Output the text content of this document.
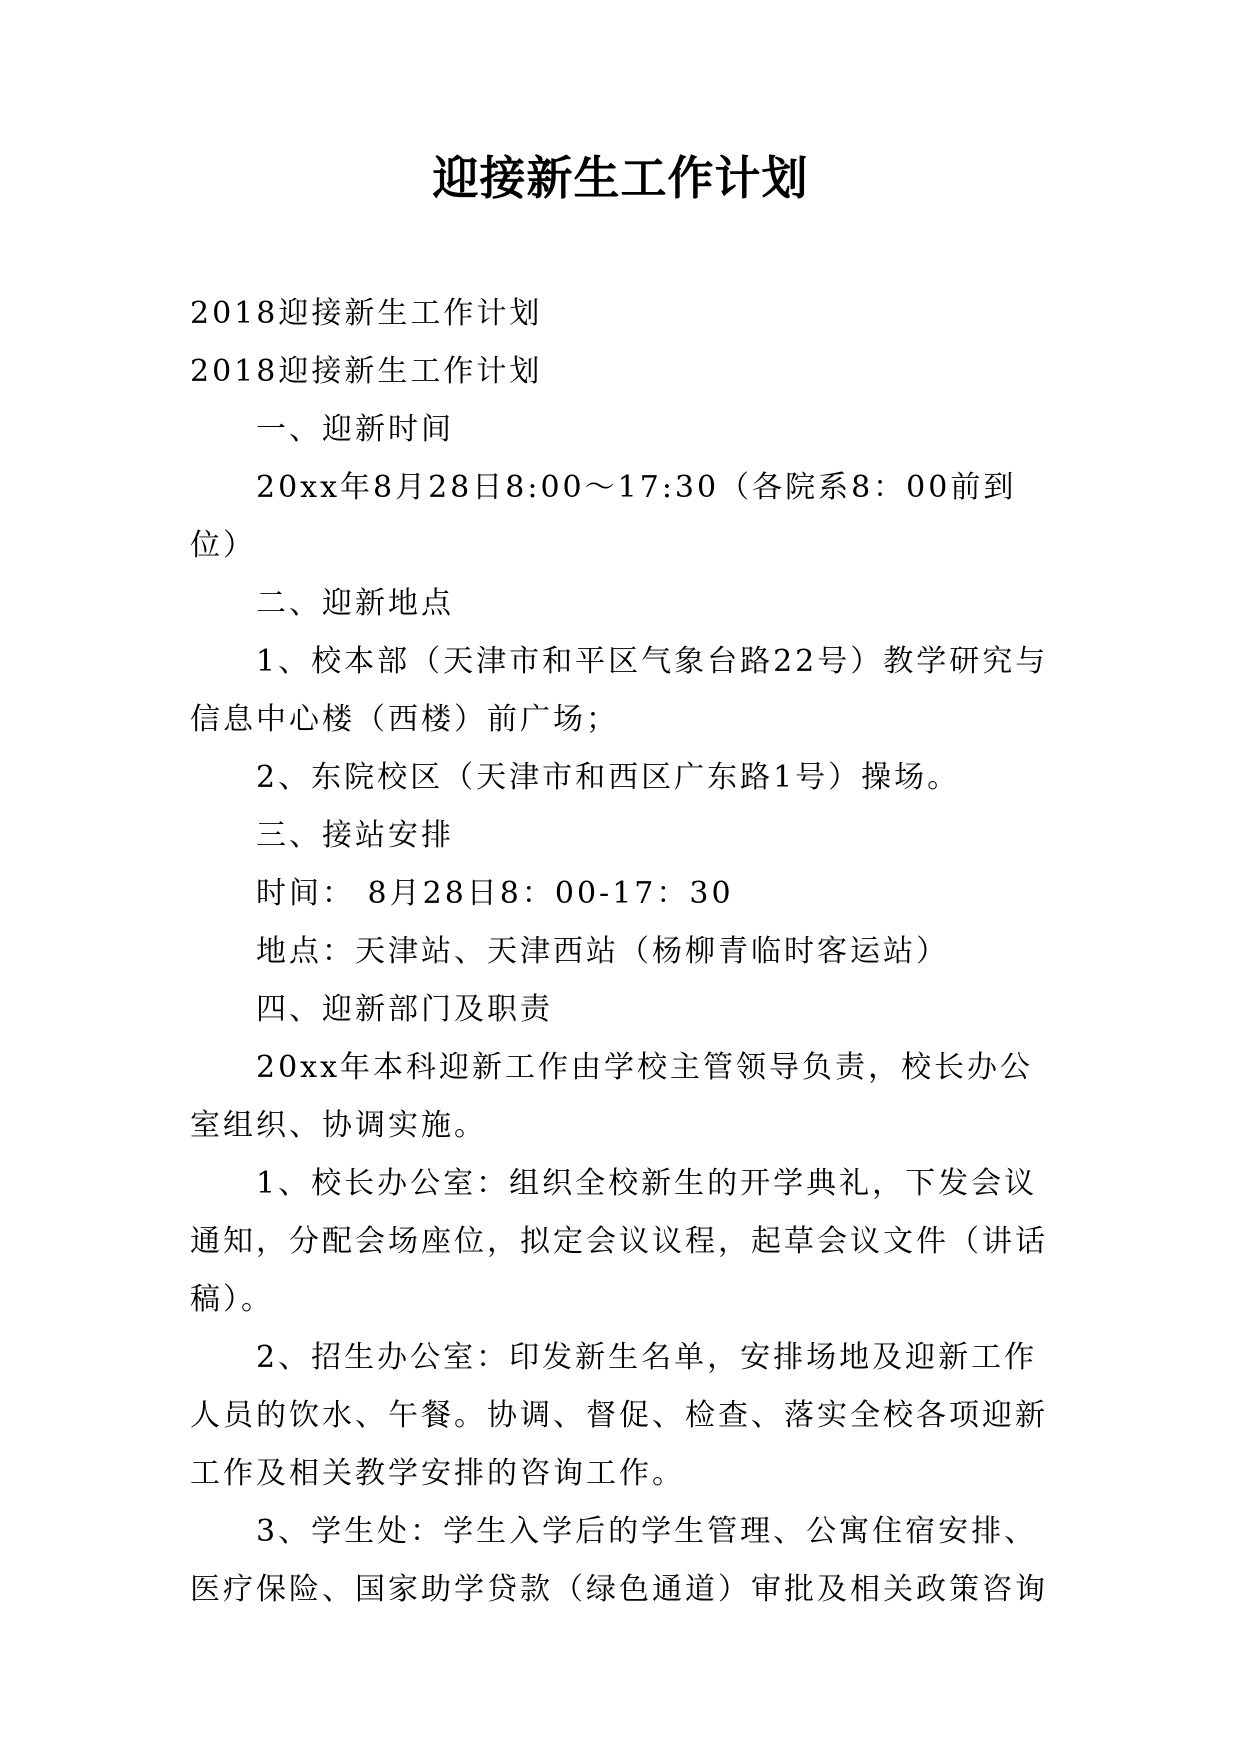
迎接新生工作计划

2018迎接新生工作计划

2018迎接新生工作计划

一、迎新时间

20xx年8月28日8:00～17:30（各院系8：00前到位）

二、迎新地点

1、校本部（天津市和平区气象台路22号）教学研究与信息中心楼（西楼）前广场；

2、东院校区（天津市和西区广东路1号）操场。

三、接站安排

时间： 8月28日8：00-17：30

地点：天津站、天津西站（杨柳青临时客运站）

四、迎新部门及职责

20xx年本科迎新工作由学校主管领导负责，校长办公室组织、协调实施。

1、校长办公室：组织全校新生的开学典礼，下发会议通知，分配会场座位，拟定会议议程，起草会议文件（讲话稿）。

2、招生办公室：印发新生名单，安排场地及迎新工作人员的饮水、午餐。协调、督促、检查、落实全校各项迎新工作及相关教学安排的咨询工作。

3、学生处：学生入学后的学生管理、公寓住宿安排、医疗保险、国家助学贷款（绿色通道）审批及相关政策咨询
